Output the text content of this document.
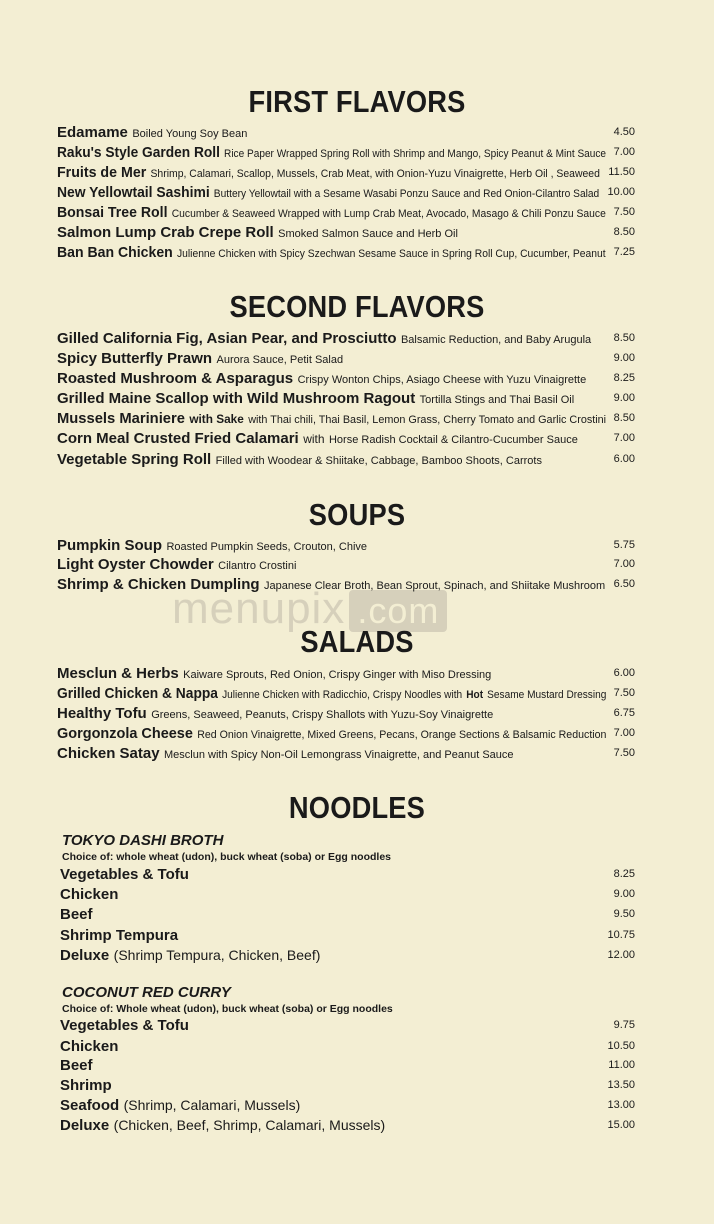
menupix .com
FIRST FLAVORS
Edamame Boiled Young Soy Bean	4.50
Raku's Style Garden Roll Rice Paper Wrapped Spring Roll with Shrimp and Mango, Spicy Peanut & Mint Sauce 7.00
Fruits de Mer Shrimp, Calamari, Scallop, Mussels, Crab Meat, with Onion-Yuzu Vinaigrette, Herb Oil , Seaweed 11.50
New Yellowtail Sashimi Buttery Yellowtail with a Sesame Wasabi Ponzu Sauce and Red Onion-Cilantro Salad 10.00
Bonsai Tree Roll Cucumber & Seaweed Wrapped with Lump Crab Meat, Avocado, Masago & Chili Ponzu Sauce 7.50
Salmon Lump Crab Crepe Roll Smoked Salmon Sauce and Herb Oil	8.50
Ban Ban Chicken Julienne Chicken with Spicy Szechwan Sesame Sauce in Spring Roll Cup, Cucumber, Peanut 7.25
SECOND FLAVORS
Gilled California Fig, Asian Pear, and Prosciutto Balsamic Reduction, and Baby Arugula 8.50
Spicy Butterfly Prawn Aurora Sauce, Petit Salad	9.00
Roasted Mushroom & Asparagus Crispy Wonton Chips, Asiago Cheese with Yuzu Vinaigrette 8.25
Grilled Maine Scallop with Wild Mushroom Ragout Tortilla Stings and Thai Basil Oil	9.00
Mussels Mariniere with Sake with Thai chili, Thai Basil, Lemon Grass, Cherry Tomato and Garlic Crostini 8.50
Corn Meal Crusted Fried Calamari with Horse Radish Cocktail & Cilantro-Cucumber Sauce	7.00
Vegetable Spring Roll Filled with Woodear & Shiitake, Cabbage, Bamboo Shoots, Carrots	6.00
SOUPS
Pumpkin Soup Roasted Pumpkin Seeds, Crouton, Chive	5.75
Light Oyster Chowder Cilantro Crostini	7.00
Shrimp & Chicken Dumpling Japanese Clear Broth, Bean Sprout, Spinach, and Shiitake Mushroom 6.50
SALADS
Mesclun & Herbs Kaiware Sprouts, Red Onion, Crispy Ginger with Miso Dressing	6.00
Grilled Chicken & Nappa Julienne Chicken with Radicchio, Crispy Noodles with Hot Sesame Mustard Dressing 7.50
Healthy Tofu Greens, Seaweed, Peanuts, Crispy Shallots with Yuzu-Soy Vinaigrette	6.75
Gorgonzola Cheese Red Onion Vinaigrette, Mixed Greens, Pecans, Orange Sections & Balsamic Reduction 7.00
Chicken Satay Mesclun with Spicy Non-Oil Lemongrass Vinaigrette, and Peanut Sauce	7.50
NOODLES
TOKYO DASHI BROTH
Choice of: whole wheat (udon), buck wheat (soba) or Egg noodles
Vegetables & Tofu	8.25
Chicken	9.00
Beef	9.50
Shrimp Tempura	10.75
Deluxe (Shrimp Tempura, Chicken, Beef)	12.00
COCONUT RED CURRY
Choice of: Whole wheat (udon), buck wheat (soba) or Egg noodles
Vegetables & Tofu	9.75
Chicken	10.50
Beef	11.00
Shrimp	13.50
Seafood (Shrimp, Calamari, Mussels)	13.00
Deluxe (Chicken, Beef, Shrimp, Calamari, Mussels)	15.00
